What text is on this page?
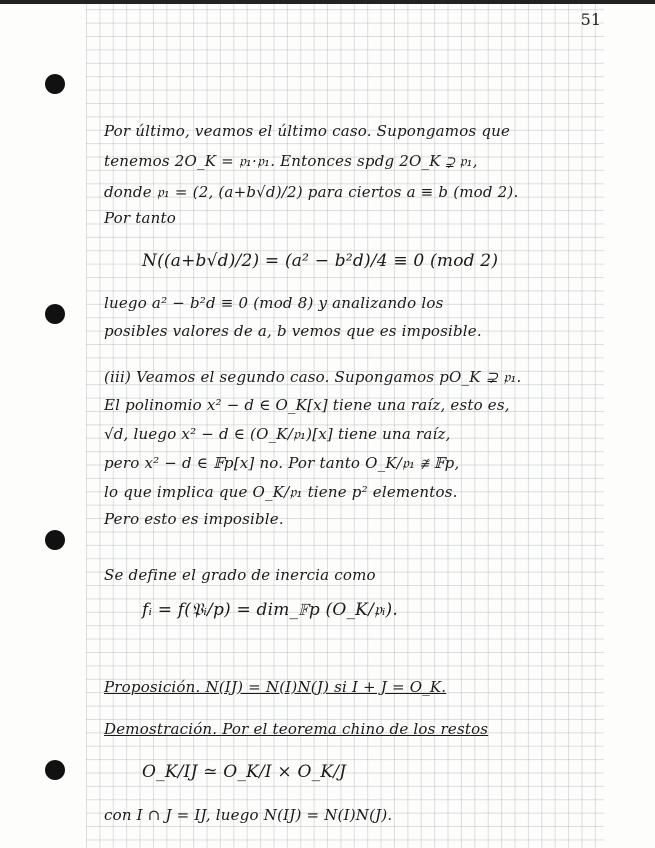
51
Por último, veamos el último caso. Supongamos que
tenemos 2O_K = 𝔭₁·𝔭₁. Entonces spdg 2O_K ⊋ 𝔭₁,
donde 𝔭₁ = (2, (a+b√d)/2) para ciertos a ≡ b (mod 2).
Por tanto
N((a+b√d)/2) = (a² − b²d)/4 ≡ 0 (mod 2)
luego a² − b²d ≡ 0 (mod 8) y analizando los
posibles valores de a, b vemos que es imposible.
(iii) Veamos el segundo caso. Supongamos pO_K ⊋ 𝔭₁.
El polinomio x² − d ∈ O_K[x] tiene una raíz, esto es,
√d, luego x² − d ∈ (O_K/𝔭₁)[x] tiene una raíz,
pero x² − d ∈ 𝔽p[x] no. Por tanto O_K/𝔭₁ ≇ 𝔽p,
lo que implica que O_K/𝔭₁ tiene p² elementos.
Pero esto es imposible.
Se define el grado de inercia como
fᵢ = f(𝔓ᵢ/p) = dim_𝔽p (O_K/𝔭ᵢ).
Proposición. N(IJ) = N(I)N(J) si I + J = O_K.
Demostración. Por el teorema chino de los restos
O_K/IJ ≃ O_K/I × O_K/J
con I ∩ J = IJ, luego N(IJ) = N(I)N(J).
